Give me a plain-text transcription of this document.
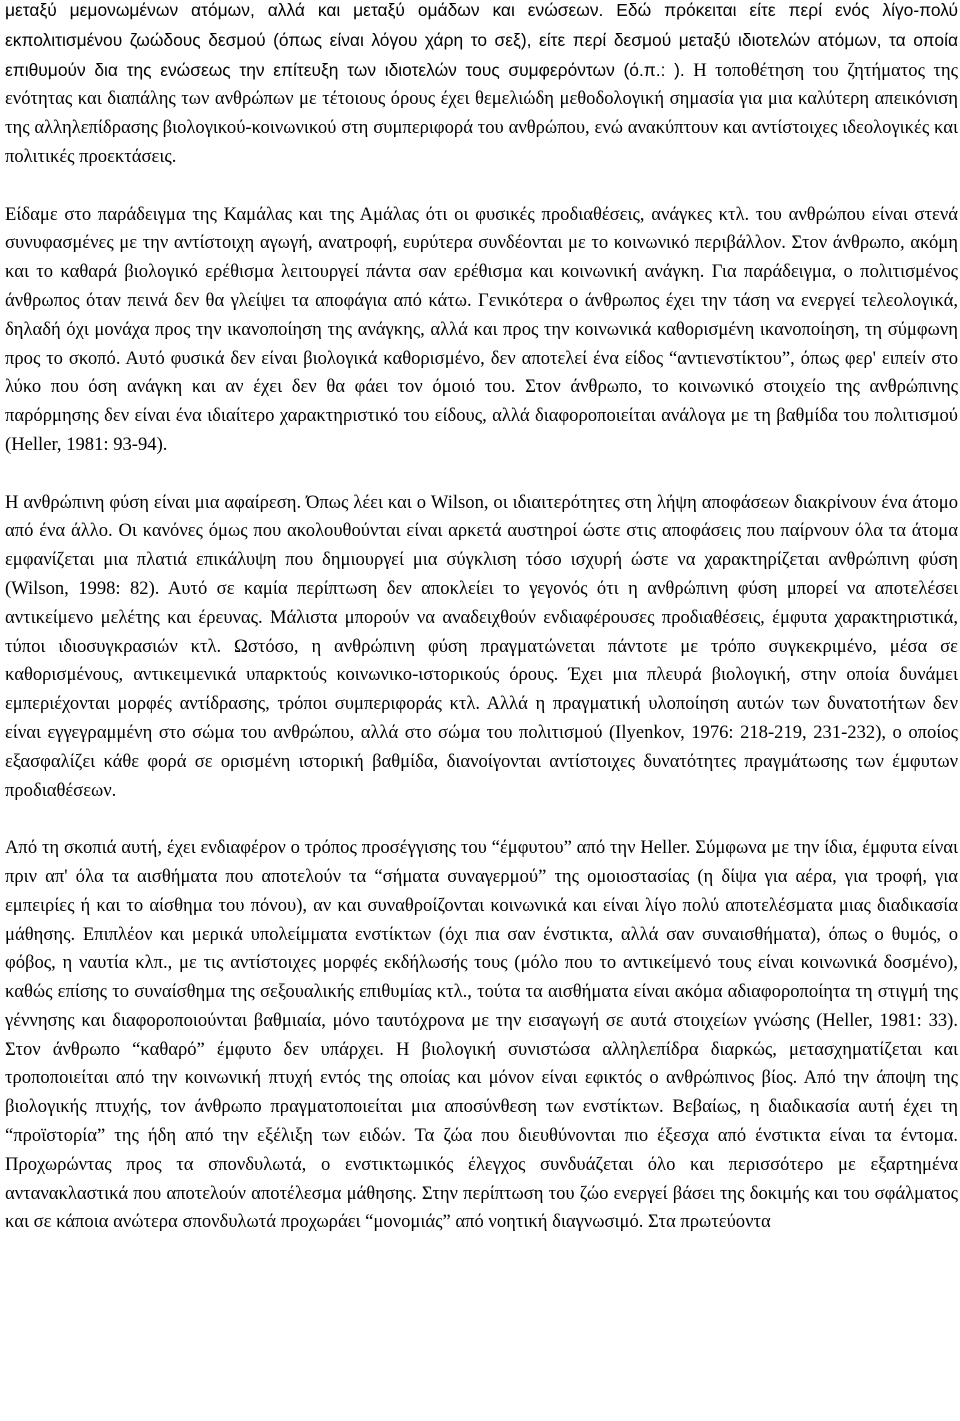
μεταξύ μεμονωμένων ατόμων, αλλά και μεταξύ ομάδων και ενώσεων. Εδώ πρόκειται είτε περί ενός λίγο-πολύ εκπολιτισμένου ζωώδους δεσμού (όπως είναι λόγου χάρη το σεξ), είτε περί δεσμού μεταξύ ιδιοτελών ατόμων, τα οποία επιθυμούν δια της ενώσεως την επίτευξη των ιδιοτελών τους συμφερόντων (ό.π.: ). Η τοποθέτηση του ζητήματος της ενότητας και διαπάλης των ανθρώπων με τέτοιους όρους έχει θεμελιώδη μεθοδολογική σημασία για μια καλύτερη απεικόνιση της αλληλεπίδρασης βιολογικού-κοινωνικού στη συμπεριφορά του ανθρώπου, ενώ ανακύπτουν και αντίστοιχες ιδεολογικές και πολιτικές προεκτάσεις.

Είδαμε στο παράδειγμα της Καμάλας και της Αμάλας ότι οι φυσικές προδιαθέσεις, ανάγκες κτλ. του ανθρώπου είναι στενά συνυφασμένες με την αντίστοιχη αγωγή, ανατροφή, ευρύτερα συνδέονται με το κοινωνικό περιβάλλον. Στον άνθρωπο, ακόμη και το καθαρά βιολογικό ερέθισμα λειτουργεί πάντα σαν ερέθισμα και κοινωνική ανάγκη. Για παράδειγμα, ο πολιτισμένος άνθρωπος όταν πεινά δεν θα γλείψει τα αποφάγια από κάτω. Γενικότερα ο άνθρωπος έχει την τάση να ενεργεί τελεολογικά, δηλαδή όχι μονάχα προς την ικανοποίηση της ανάγκης, αλλά και προς την κοινωνικά καθορισμένη ικανοποίηση, τη σύμφωνη προς το σκοπό. Αυτό φυσικά δεν είναι βιολογικά καθορισμένο, δεν αποτελεί ένα είδος “αντιενστίκτου”, όπως φερ' ειπείν στο λύκο που όση ανάγκη και αν έχει δεν θα φάει τον όμοιό του. Στον άνθρωπο, το κοινωνικό στοιχείο της ανθρώπινης παρόρμησης δεν είναι ένα ιδιαίτερο χαρακτηριστικό του είδους, αλλά διαφοροποιείται ανάλογα με τη βαθμίδα του πολιτισμού (Heller, 1981: 93-94).

Η ανθρώπινη φύση είναι μια αφαίρεση. Όπως λέει και ο Wilson, οι ιδιαιτερότητες στη λήψη αποφάσεων διακρίνουν ένα άτομο από ένα άλλο. Οι κανόνες όμως που ακολουθούνται είναι αρκετά αυστηροί ώστε στις αποφάσεις που παίρνουν όλα τα άτομα εμφανίζεται μια πλατιά επικάλυψη που δημιουργεί μια σύγκλιση τόσο ισχυρή ώστε να χαρακτηρίζεται ανθρώπινη φύση (Wilson, 1998: 82). Αυτό σε καμία περίπτωση δεν αποκλείει το γεγονός ότι η ανθρώπινη φύση μπορεί να αποτελέσει αντικείμενο μελέτης και έρευνας. Μάλιστα μπορούν να αναδειχθούν ενδιαφέρουσες προδιαθέσεις, έμφυτα χαρακτηριστικά, τύποι ιδιοσυγκρασιών κτλ. Ωστόσο, η ανθρώπινη φύση πραγματώνεται πάντοτε με τρόπο συγκεκριμένο, μέσα σε καθορισμένους, αντικειμενικά υπαρκτούς κοινωνικο-ιστορικούς όρους. Έχει μια πλευρά βιολογική, στην οποία δυνάμει εμπεριέχονται μορφές αντίδρασης, τρόποι συμπεριφοράς κτλ. Αλλά η πραγματική υλοποίηση αυτών των δυνατοτήτων δεν είναι εγγεγραμμένη στο σώμα του ανθρώπου, αλλά στο σώμα του πολιτισμού (Ilyenkov, 1976: 218-219, 231-232), ο οποίος εξασφαλίζει κάθε φορά σε ορισμένη ιστορική βαθμίδα, διανοίγονται αντίστοιχες δυνατότητες πραγμάτωσης των έμφυτων προδιαθέσεων.

Από τη σκοπιά αυτή, έχει ενδιαφέρον ο τρόπος προσέγγισης του “έμφυτου” από την Heller. Σύμφωνα με την ίδια, έμφυτα είναι πριν απ' όλα τα αισθήματα που αποτελούν τα “σήματα συναγερμού” της ομοιοστασίας (η δίψα για αέρα, για τροφή, για εμπειρίες ή και το αίσθημα του πόνου), αν και συναθροίζονται κοινωνικά και είναι λίγο πολύ αποτελέσματα μιας διαδικασία μάθησης. Επιπλέον και μερικά υπολείμματα ενστίκτων (όχι πια σαν ένστικτα, αλλά σαν συναισθήματα), όπως ο θυμός, ο φόβος, η ναυτία κλπ., με τις αντίστοιχες μορφές εκδήλωσής τους (μόλο που το αντικείμενό τους είναι κοινωνικά δοσμένο), καθώς επίσης το συναίσθημα της σεξουαλικής επιθυμίας κτλ., τούτα τα αισθήματα είναι ακόμα αδιαφοροποίητα τη στιγμή της γέννησης και διαφοροποιούνται βαθμιαία, μόνο ταυτόχρονα με την εισαγωγή σε αυτά στοιχείων γνώσης (Heller, 1981: 33). Στον άνθρωπο “καθαρό” έμφυτο δεν υπάρχει. Η βιολογική συνιστώσα αλληλεπίδρα διαρκώς, μετασχηματίζεται και τροποποιείται από την κοινωνική πτυχή εντός της οποίας και μόνον είναι εφικτός ο ανθρώπινος βίος. Από την άποψη της βιολογικής πτυχής, τον άνθρωπο πραγματοποιείται μια αποσύνθεση των ενστίκτων. Βεβαίως, η διαδικασία αυτή έχει τη “προϊστορία” της ήδη από την εξέλιξη των ειδών. Τα ζώα που διευθύνονται πιο έξεσχα από ένστικτα είναι τα έντομα. Προχωρώντας προς τα σπονδυλωτά, ο ενστικτωμικός έλεγχος συνδυάζεται όλο και περισσότερο με εξαρτημένα αντανακλαστικά που αποτελούν αποτέλεσμα μάθησης. Στην περίπτωση του ζώο ενεργεί βάσει της δοκιμής και του σφάλματος και σε κάποια ανώτερα σπονδυλωτά προχωράει “μονομιάς” από νοητική διαγνωσιμό. Στα πρωτεύοντα
